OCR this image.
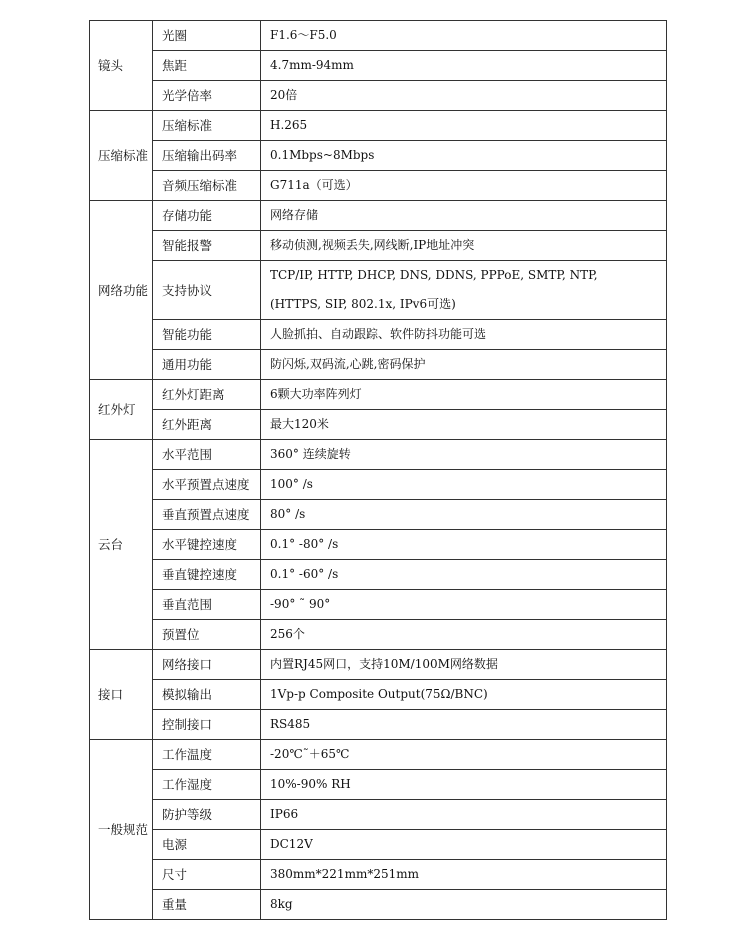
镜头	光圈	F1.6～F5.0
	焦距	4.7mm-94mm
	光学倍率	20倍
压缩标准	压缩标准	H.265
	压缩输出码率	0.1Mbps~8Mbps
	音频压缩标准	G711a（可选）
网络功能	存储功能	网络存储
	智能报警	移动侦测,视频丢失,网线断,IP地址冲突
	支持协议	TCP/IP, HTTP, DHCP, DNS, DDNS, PPPoE, SMTP, NTP,
(HTTPS, SIP, 802.1x, IPv6可选)

	智能功能	人脸抓拍、自动跟踪、软件防抖功能可选
	通用功能	防闪烁,双码流,心跳,密码保护
红外灯	红外灯距离	6颗大功率阵列灯
	红外距离	最大120米
云台	水平范围	360° 连续旋转
	水平预置点速度	100° /s
	垂直预置点速度	80° /s
	水平键控速度	0.1° -80° /s
	垂直键控速度	0.1° -60° /s
	垂直范围	-90° ˜ 90°
	预置位	256个
接口	网络接口	内置RJ45网口，支持10M/100M网络数据
	模拟输出	1Vp-p Composite Output(75Ω/BNC)
	控制接口	RS485
一般规范	工作温度	-20℃˜＋65℃
	工作湿度	10%-90% RH
	防护等级	IP66
	电源	DC12V
	尺寸	380mm*221mm*251mm
	重量	8kg
